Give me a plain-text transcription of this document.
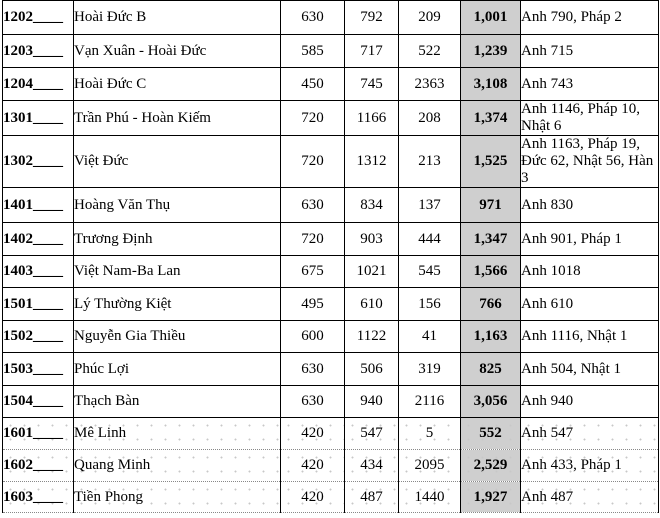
1202____	Hoài Đức B	630	792	209	1,001	Anh 790, Pháp 2
1203____	Vạn Xuân - Hoài Đức	585	717	522	1,239	Anh 715
1204____	Hoài Đức C	450	745	2363	3,108	Anh 743
1301____	Trần Phú - Hoàn Kiếm	720	1166	208	1,374	Anh 1146, Pháp 10, Nhật 6
1302____	Việt Đức	720	1312	213	1,525	Anh 1163, Pháp 19, Đức 62, Nhật 56, Hàn 3
1401____	Hoàng Văn Thụ	630	834	137	971	Anh 830
1402____	Trương Định	720	903	444	1,347	Anh 901, Pháp 1
1403____	Việt Nam-Ba Lan	675	1021	545	1,566	Anh 1018
1501____	Lý Thường Kiệt	495	610	156	766	Anh 610
1502____	Nguyễn Gia Thiều	600	1122	41	1,163	Anh 1116, Nhật 1
1503____	Phúc Lợi	630	506	319	825	Anh 504, Nhật 1
1504____	Thạch Bàn	630	940	2116	3,056	Anh 940
1601____	Mê Linh	420	547	5	552	Anh 547
1602____	Quang Minh	420	434	2095	2,529	Anh 433, Pháp 1
1603____	Tiền Phong	420	487	1440	1,927	Anh 487
